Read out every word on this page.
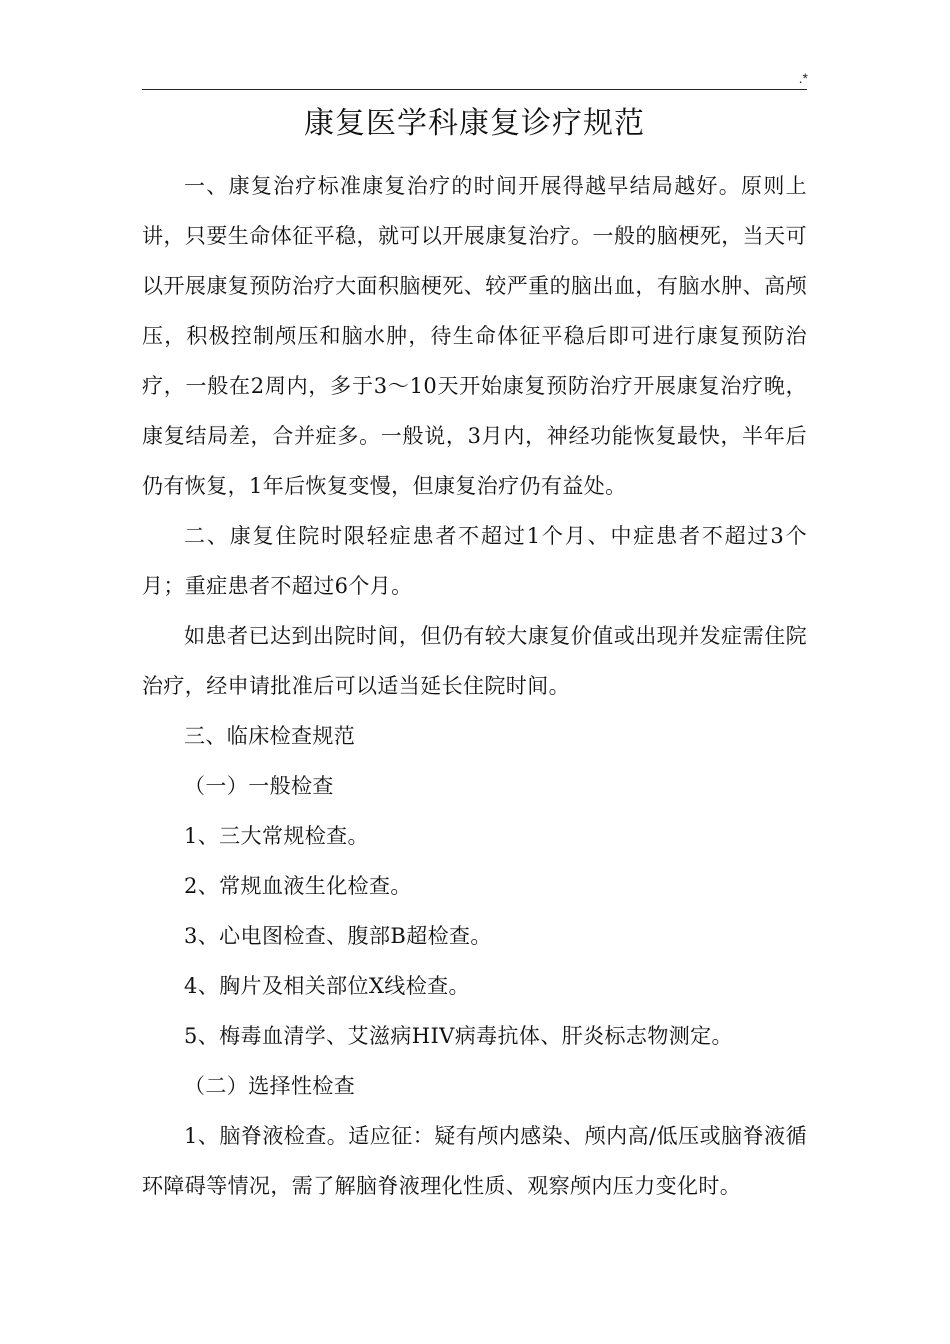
.*
康复医学科康复诊疗规范

一、康复治疗标准康复治疗的时间开展得越早结局越好。原则上讲，只要生命体征平稳，就可以开展康复治疗。一般的脑梗死，当天可以开展康复预防治疗大面积脑梗死、较严重的脑出血，有脑水肿、高颅压，积极控制颅压和脑水肿，待生命体征平稳后即可进行康复预防治疗，一般在2周内，多于3～10天开始康复预防治疗开展康复治疗晚，康复结局差，合并症多。一般说，3月内，神经功能恢复最快，半年后仍有恢复，1年后恢复变慢，但康复治疗仍有益处。

二、康复住院时限轻症患者不超过1个月、中症患者不超过3个月；重症患者不超过6个月。

如患者已达到出院时间，但仍有较大康复价值或出现并发症需住院治疗，经申请批准后可以适当延长住院时间。

三、临床检查规范

（一）一般检查

1、三大常规检查。

2、常规血液生化检查。

3、心电图检查、腹部B超检查。

4、胸片及相关部位X线检查。

5、梅毒血清学、艾滋病HIV病毒抗体、肝炎标志物测定。

（二）选择性检查

1、脑脊液检查。适应征：疑有颅内感染、颅内高/低压或脑脊液循环障碍等情况，需了解脑脊液理化性质、观察颅内压力变化时。
